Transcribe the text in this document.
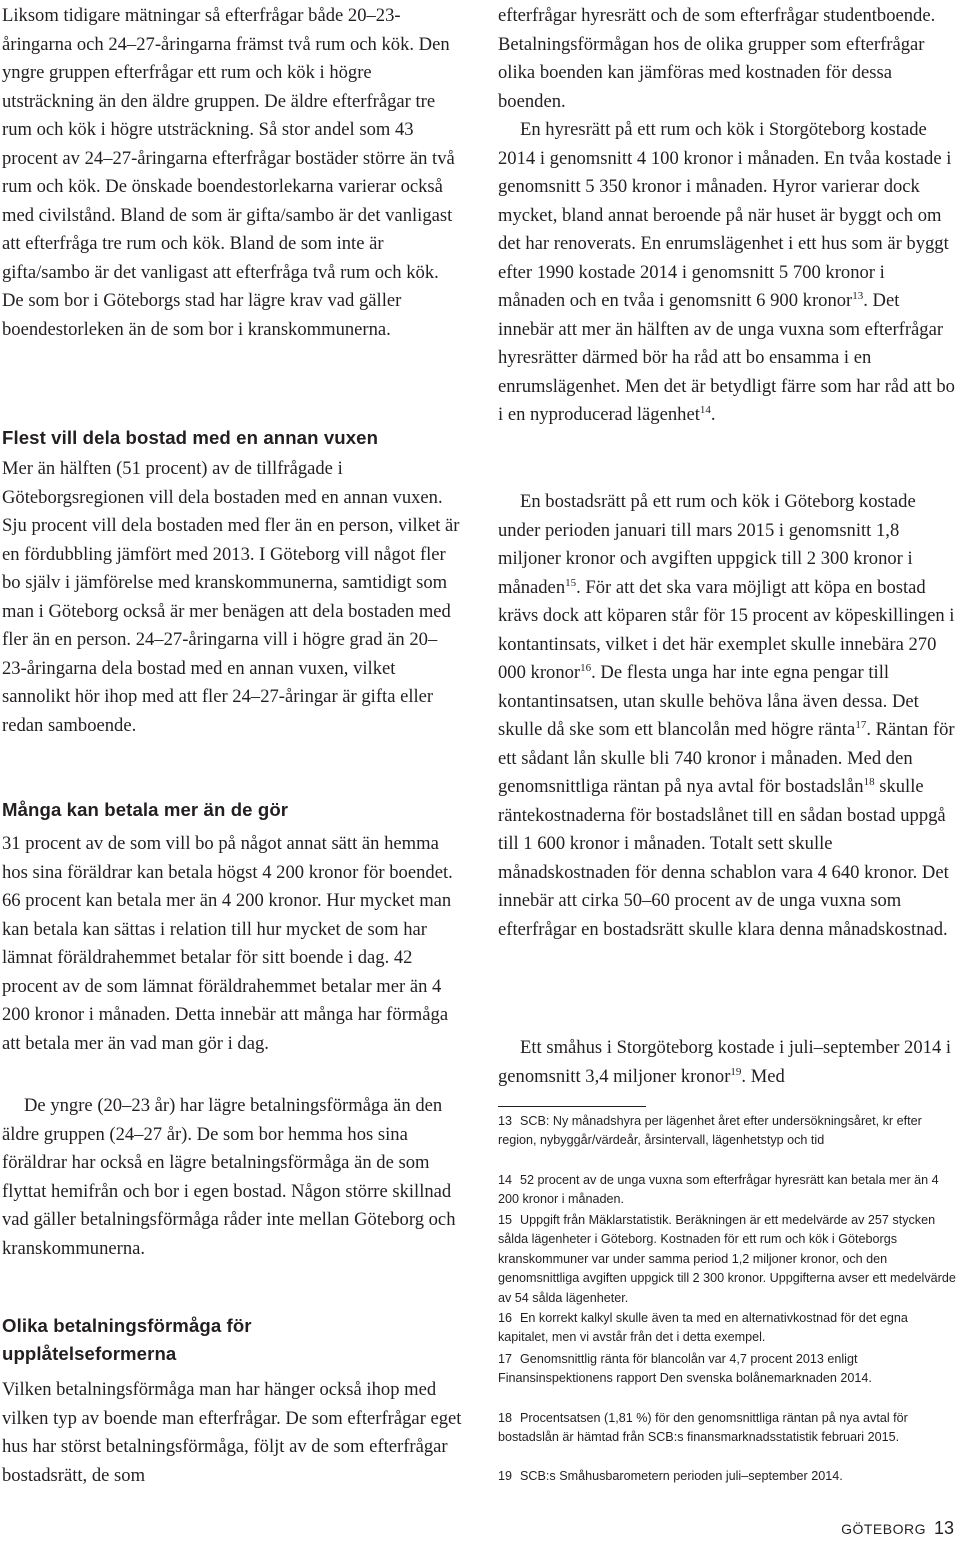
Liksom tidigare mätningar så efterfrågar både 20–23-åringarna och 24–27-åringarna främst två rum och kök. Den yngre gruppen efterfrågar ett rum och kök i högre utsträckning än den äldre gruppen. De äldre efterfrågar tre rum och kök i högre utsträckning. Så stor andel som 43 procent av 24–27-åringarna efterfrågar bostäder större än två rum och kök. De önskade boendestorlekarna varierar också med civilstånd. Bland de som är gifta/sambo är det vanligast att efterfråga tre rum och kök. Bland de som inte är gifta/sambo är det vanligast att efterfråga två rum och kök. De som bor i Göteborgs stad har lägre krav vad gäller boendestorleken än de som bor i kranskommunerna.

Flest vill dela bostad med en annan vuxen

Mer än hälften (51 procent) av de tillfrågade i Göteborgsregionen vill dela bostaden med en annan vuxen. Sju procent vill dela bostaden med fler än en person, vilket är en fördubbling jämfört med 2013. I Göteborg vill något fler bo själv i jämförelse med kranskommunerna, samtidigt som man i Göteborg också är mer benägen att dela bostaden med fler än en person. 24–27-åringarna vill i högre grad än 20–23-åringarna dela bostad med en annan vuxen, vilket sannolikt hör ihop med att fler 24–27-åringar är gifta eller redan samboende.

Många kan betala mer än de gör

31 procent av de som vill bo på något annat sätt än hemma hos sina föräldrar kan betala högst 4 200 kronor för boendet. 66 procent kan betala mer än 4 200 kronor. Hur mycket man kan betala kan sättas i relation till hur mycket de som har lämnat föräldrahemmet betalar för sitt boende i dag. 42 procent av de som lämnat föräldrahemmet betalar mer än 4 200 kronor i månaden. Detta innebär att många har förmåga att betala mer än vad man gör i dag.

De yngre (20–23 år) har lägre betalningsförmåga än den äldre gruppen (24–27 år). De som bor hemma hos sina föräldrar har också en lägre betalningsförmåga än de som flyttat hemifrån och bor i egen bostad. Någon större skillnad vad gäller betalningsförmåga råder inte mellan Göteborg och kranskommunerna.

Olika betalningsförmåga för
upplåtelseformerna

Vilken betalningsförmåga man har hänger också ihop med vilken typ av boende man efterfrågar. De som efterfrågar eget hus har störst betalningsförmåga, följt av de som efterfrågar bostadsrätt, de som

efterfrågar hyresrätt och de som efterfrågar studentboende. Betalningsförmågan hos de olika grupper som efterfrågar olika boenden kan jämföras med kostnaden för dessa boenden.

En hyresrätt på ett rum och kök i Storgöteborg kostade 2014 i genomsnitt 4 100 kronor i månaden. En tvåa kostade i genomsnitt 5 350 kronor i månaden. Hyror varierar dock mycket, bland annat beroende på när huset är byggt och om det har renoverats. En enrumslägenhet i ett hus som är byggt efter 1990 kostade 2014 i genomsnitt 5 700 kronor i månaden och en tvåa i genomsnitt 6 900 kronor$^{13}$. Det innebär att mer än hälften av de unga vuxna som efterfrågar hyresrätter därmed bör ha råd att bo ensamma i en enrumslägenhet. Men det är betydligt färre som har råd att bo i en nyproducerad lägenhet$^{14}$.

En bostadsrätt på ett rum och kök i Göteborg kostade under perioden januari till mars 2015 i genomsnitt 1,8 miljoner kronor och avgiften uppgick till 2 300 kronor i månaden$^{15}$. För att det ska vara möjligt att köpa en bostad krävs dock att köparen står för 15 procent av köpeskillingen i kontantinsats, vilket i det här exemplet skulle innebära 270 000 kronor$^{16}$. De flesta unga har inte egna pengar till kontantinsatsen, utan skulle behöva låna även dessa. Det skulle då ske som ett blancolån med högre ränta$^{17}$. Räntan för ett sådant lån skulle bli 740 kronor i månaden. Med den genomsnittliga räntan på nya avtal för bostadslån$^{18}$ skulle räntekostnaderna för bostadslånet till en sådan bostad uppgå till 1 600 kronor i månaden. Totalt sett skulle månadskostnaden för denna schablon vara 4 640 kronor. Det innebär att cirka 50–60 procent av de unga vuxna som efterfrågar en bostadsrätt skulle klara denna månadskostnad.

Ett småhus i Storgöteborg kostade i juli–september 2014 i genomsnitt 3,4 miljoner kronor$^{19}$. Med

13 SCB: Ny månadshyra per lägenhet året efter undersökningsåret, kr efter region, nybyggår/värdeår, årsintervall, lägenhetstyp och tid

14 52 procent av de unga vuxna som efterfrågar hyresrätt kan betala mer än 4 200 kronor i månaden.

15 Uppgift från Mäklarstatistik. Beräkningen är ett medelvärde av 257 stycken sålda lägenheter i Göteborg. Kostnaden för ett rum och kök i Göteborgs kranskommuner var under samma period 1,2 miljoner kronor, och den genomsnittliga avgiften uppgick till 2 300 kronor. Uppgifterna avser ett medelvärde av 54 sålda lägenheter.

16 En korrekt kalkyl skulle även ta med en alternativkostnad för det egna kapitalet, men vi avstår från det i detta exempel.

17 Genomsnittlig ränta för blancolån var 4,7 procent 2013 enligt Finansinspektionens rapport Den svenska bolånemarknaden 2014.

18 Procentsatsen (1,81 %) för den genomsnittliga räntan på nya avtal för bostadslån är hämtad från SCB:s finansmarknadsstatistik februari 2015.

19 SCB:s Småhusbarometern perioden juli–september 2014.

GÖTEBORG 13
